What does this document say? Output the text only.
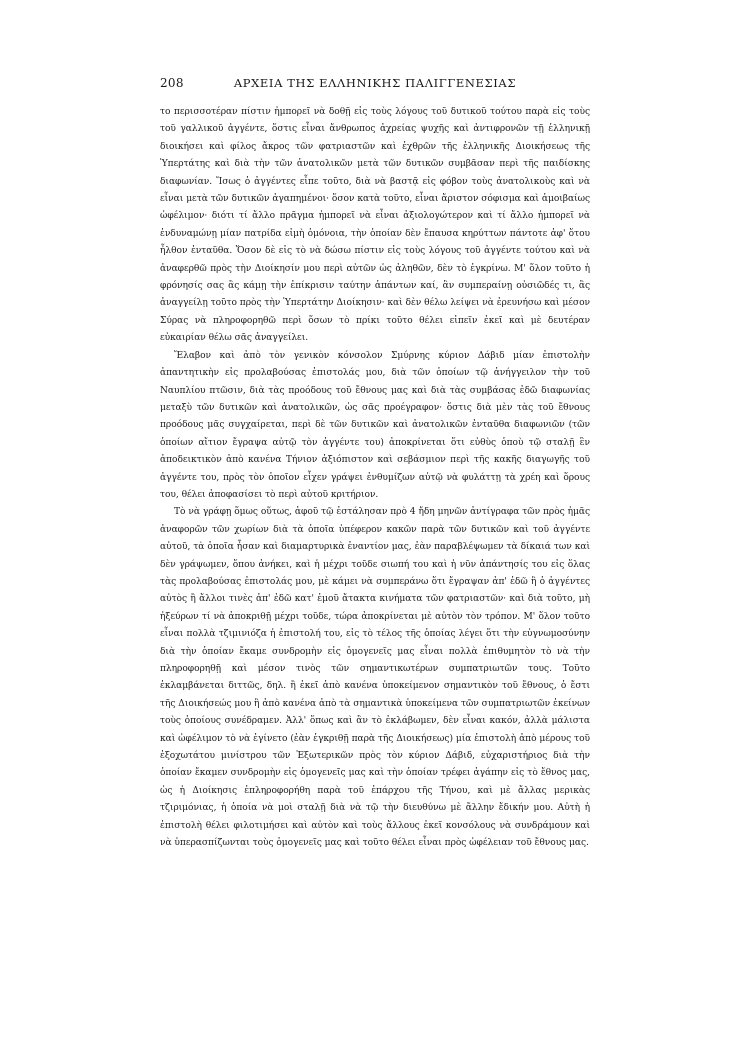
208	ΑΡΧΕΙΑ ΤΗΣ ΕΛΛΗΝΙΚΗΣ ΠΑΛΙΓΓΕΝΕΣΙΑΣ

το περισσοτέραν πίστιν ἠμπορεῖ νὰ δοθῇ εἰς τοὺς λόγους τοῦ δυτικοῦ τούτου παρὰ εἰς τοὺς τοῦ γαλλικοῦ ἀγγέντε, ὅστις εἶναι ἄνθρωπος ἀχρείας ψυχῆς καὶ ἀντιφρονῶν τῇ ἑλληνικῇ διοικήσει καὶ φίλος ἄκρος τῶν φατριαστῶν καὶ ἐχθρῶν τῆς ἑλληνικῆς Διοικήσεως τῆς Ὑπερτάτης καὶ διὰ τὴν τῶν ἀνατολικῶν μετὰ τῶν δυτικῶν συμβᾶσαν περὶ τῆς παιδίσκης διαφωνίαν. Ἴσως ὁ ἀγγέντες εἶπε τοῦτο, διὰ νὰ βαστᾷ εἰς φόβον τοὺς ἀνατολικοὺς καὶ νὰ εἶναι μετὰ τῶν δυτικῶν ἀγαπημένοι· ὅσον κατὰ τοῦτο, εἶναι ἄριστον σόφισμα καὶ ἀμοιβαίως ὠφέλιμον· διότι τί ἄλλο πρᾶγμα ἠμπορεῖ νὰ εἶναι ἀξιολογώτερον καὶ τί ἄλλο ἠμπορεῖ νὰ ἐνδυναμώνῃ μίαν πατρίδα εἰμὴ ὁμόνοια, τὴν ὁποίαν δὲν ἔπαυσα κηρύττων πάντοτε ἀφ' ὅτου ἦλθον ἐνταῦθα. Ὅσον δὲ εἰς τὸ νὰ δώσω πίστιν εἰς τοὺς λόγους τοῦ ἀγγέντε τούτου καὶ νὰ ἀναφερθῶ πρὸς τὴν Διοίκησίν μου περὶ αὐτῶν ὡς ἀληθῶν, δὲν τὸ ἐγκρίνω. Μ' ὅλον τοῦτο ἡ φρόνησίς σας ἂς κάμῃ τὴν ἐπίκρισιν ταύτην ἁπάντων καί, ἂν συμπεραίνῃ οὐσιῶδές τι, ἂς ἀναγγείλῃ τοῦτο πρὸς τὴν Ὑπερτάτην Διοίκησιν· καὶ δὲν θέλω λείψει νὰ ἐρευνήσω καὶ μέσον Σύρας νὰ πληροφορηθῶ περὶ ὅσων τὸ πρίκι τοῦτο θέλει εἰπεῖν ἐκεῖ καὶ μὲ δευτέραν εὐκαιρίαν θέλω σᾶς ἀναγγείλει.

Ἔλαβον καὶ ἀπὸ τὸν γενικὸν κόνσολον Σμύρνης κύριον Δάβιδ μίαν ἐπιστολὴν ἀπαντητικὴν εἰς προλαβούσας ἐπιστολάς μου, διὰ τῶν ὁποίων τῷ ἀνήγγειλον τὴν τοῦ Ναυπλίου πτῶσιν, διὰ τὰς προόδους τοῦ ἔθνους μας καὶ διὰ τὰς συμβάσας ἐδῶ διαφωνίας μεταξὺ τῶν δυτικῶν καὶ ἀνατολικῶν, ὡς σᾶς προέγραφον· ὅστις διὰ μὲν τὰς τοῦ ἔθνους προόδους μᾶς συγχαίρεται, περὶ δὲ τῶν δυτικῶν καὶ ἀνατολικῶν ἐνταῦθα διαφωνιῶν (τῶν ὁποίων αἴτιον ἔγραψα αὐτῷ τὸν ἀγγέντε του) ἀποκρίνεται ὅτι εὐθὺς ὁποὺ τῷ σταλῇ ἓν ἀποδεικτικὸν ἀπὸ κανένα Τήνιον ἀξιόπιστον καὶ σεβάσμιον περὶ τῆς κακῆς διαγωγῆς τοῦ ἀγγέντε του, πρὸς τὸν ὁποῖον εἶχεν γράψει ἐνθυμίζων αὐτῷ νὰ φυλάττῃ τὰ χρέη καὶ ὅρους του, θέλει ἀποφασίσει τὸ περὶ αὐτοῦ κριτήριον.

Τὸ νὰ γράφῃ ὅμως οὕτως, ἀφοῦ τῷ ἐστάλησαν πρὸ 4 ἤδη μηνῶν ἀντίγραφα τῶν πρὸς ἡμᾶς ἀναφορῶν τῶν χωρίων διὰ τὰ ὁποῖα ὑπέφερον κακῶν παρὰ τῶν δυτικῶν καὶ τοῦ ἀγγέντε αὐτοῦ, τὰ ὁποῖα ἦσαν καὶ διαμαρτυρικὰ ἐναντίον μας, ἐὰν παραβλέψωμεν τὰ δίκαιά των καὶ δὲν γράψωμεν, ὅπου ἀνήκει, καὶ ἡ μέχρι τοῦδε σιωπή του καὶ ἡ νῦν ἀπάντησίς του εἰς ὅλας τὰς προλαβούσας ἐπιστολάς μου, μὲ κάμει νὰ συμπεράνω ὅτι ἔγραψαν ἀπ' ἐδῶ ἢ ὁ ἀγγέντες αὐτὸς ἢ ἄλλοι τινὲς ἀπ' ἐδῶ κατ' ἐμοῦ ἄτακτα κινήματα τῶν φατριαστῶν· καὶ διὰ τοῦτο, μὴ ἠξεύρων τί νὰ ἀποκριθῇ μέχρι τοῦδε, τώρα ἀποκρίνεται μὲ αὐτὸν τὸν τρόπον. Μ' ὅλον τοῦτο εἶναι πολλὰ τζιμινιόζα ἡ ἐπιστολή του, εἰς τὸ τέλος τῆς ὁποίας λέγει ὅτι τὴν εὐγνωμοσύνην διὰ τὴν ὁποίαν ἔκαμε συνδρομὴν εἰς ὁμογενεῖς μας εἶναι πολλὰ ἐπιθυμητὸν τὸ νὰ τὴν πληροφορηθῇ καὶ μέσον τινὸς τῶν σημαντικωτέρων συμπατριωτῶν τους. Τοῦτο ἐκλαμβάνεται διττῶς, δηλ. ἢ ἐκεῖ ἀπὸ κανένα ὑποκείμενον σημαντικὸν τοῦ ἔθνους, ὁ ἔστι τῆς Διοικήσεώς μου ἢ ἀπὸ κανένα ἀπὸ τὰ σημαντικὰ ὑποκείμενα τῶν συμπατριωτῶν ἐκείνων τοὺς ὁποίους συνέδραμεν. Ἀλλ' ὅπως καὶ ἂν τὸ ἐκλάβωμεν, δὲν εἶναι κακόν, ἀλλὰ μάλιστα καὶ ὠφέλιμον τὸ νὰ ἐγίνετο (ἐὰν ἐγκριθῇ παρὰ τῆς Διοικήσεως) μία ἐπιστολὴ ἀπὸ μέρους τοῦ ἐξοχωτάτου μινίστρου τῶν Ἐξωτερικῶν πρὸς τὸν κύριον Δάβιδ, εὐχαριστήριος διὰ τὴν ὁποίαν ἔκαμεν συνδρομὴν εἰς ὁμογενεῖς μας καὶ τὴν ὁποίαν τρέφει ἀγάπην εἰς τὸ ἔθνος μας, ὡς ἡ Διοίκησις ἐπληροφορήθη παρὰ τοῦ ἐπάρχου τῆς Τήνου, καὶ μὲ ἄλλας μερικὰς τζιριμόνιας, ἡ ὁποία νὰ μοὶ σταλῇ διὰ νὰ τῷ τὴν διευθύνω μὲ ἄλλην ἔδικήν μου. Αὐτὴ ἡ ἐπιστολὴ θέλει φιλοτιμήσει καὶ αὐτὸν καὶ τοὺς ἄλλους ἐκεῖ κονσόλους νὰ συνδράμουν καὶ νὰ ὑπερασπίζωνται τοὺς ὁμογενεῖς μας καὶ τοῦτο θέλει εἶναι πρὸς ὠφέλειαν τοῦ ἔθνους μας.
